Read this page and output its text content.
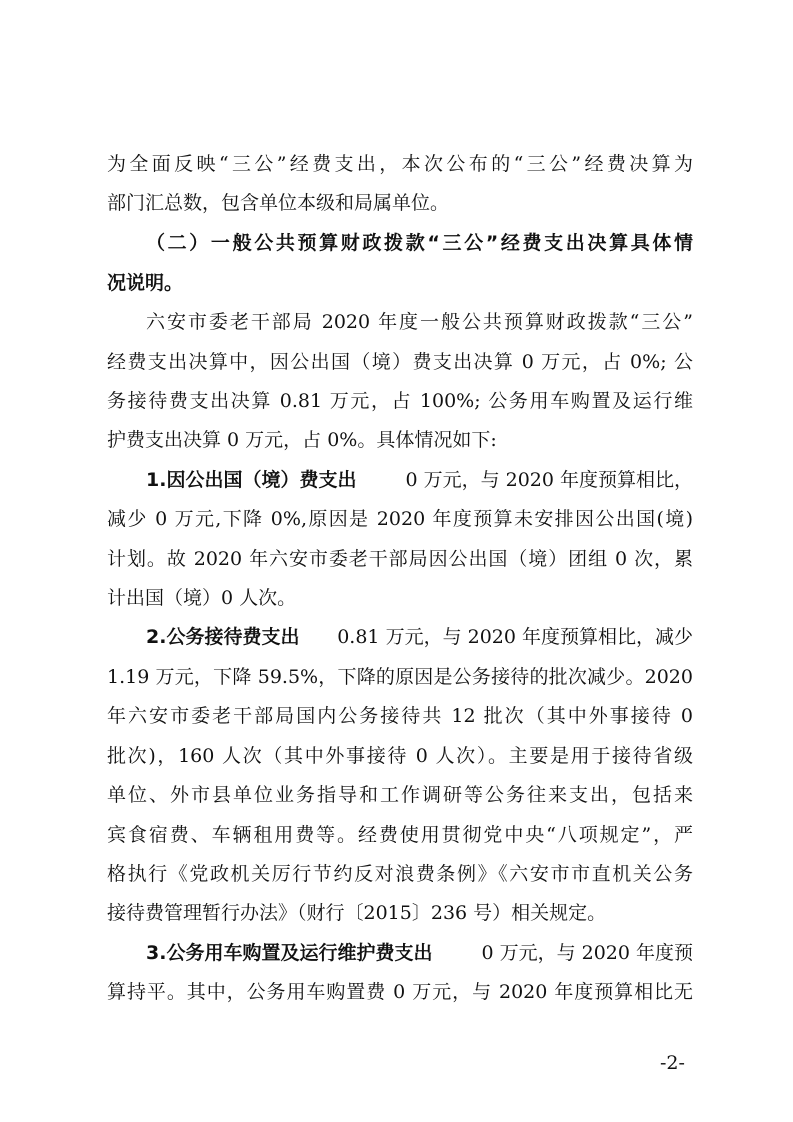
为全面反映“三公”经费支出，本次公布的“三公”经费决算为
部门汇总数，包含单位本级和局属单位。
（二）一般公共预算财政拨款“三公”经费支出决算具体情
况说明。
六安市委老干部局 2020 年度一般公共预算财政拨款“三公”
经费支出决算中，因公出国（境）费支出决算 0 万元，占 0%; 公
务接待费支出决算 0.81 万元，占 100%; 公务用车购置及运行维
护费支出决算 0 万元，占 0%。具体情况如下:
1.因公出国（境）费支出	0 万元，与 2020 年度预算相比，
减少 0 万元,下降 0%,原因是 2020 年度预算未安排因公出国(境)
计划。故 2020 年六安市委老干部局因公出国（境）团组 0 次，累
计出国（境）0 人次。
2.公务接待费支出 0.81 万元，与 2020 年度预算相比，减少
1.19 万元，下降 59.5%，下降的原因是公务接待的批次减少。2020
年六安市委老干部局国内公务接待共 12 批次（其中外事接待 0
批次)，160 人次（其中外事接待 0 人次）。主要是用于接待省级
单位、外市县单位业务指导和工作调研等公务往来支出，包括来
宾食宿费、车辆租用费等。经费使用贯彻党中央“八项规定”，严
格执行《党政机关厉行节约反对浪费条例》《六安市市直机关公务
接待费管理暂行办法》（财行〔2015〕236 号）相关规定。
3.公务用车购置及运行维护费支出	0 万元，与 2020 年度预
算持平。其中，公务用车购置费 0 万元，与 2020 年度预算相比无
-2-
